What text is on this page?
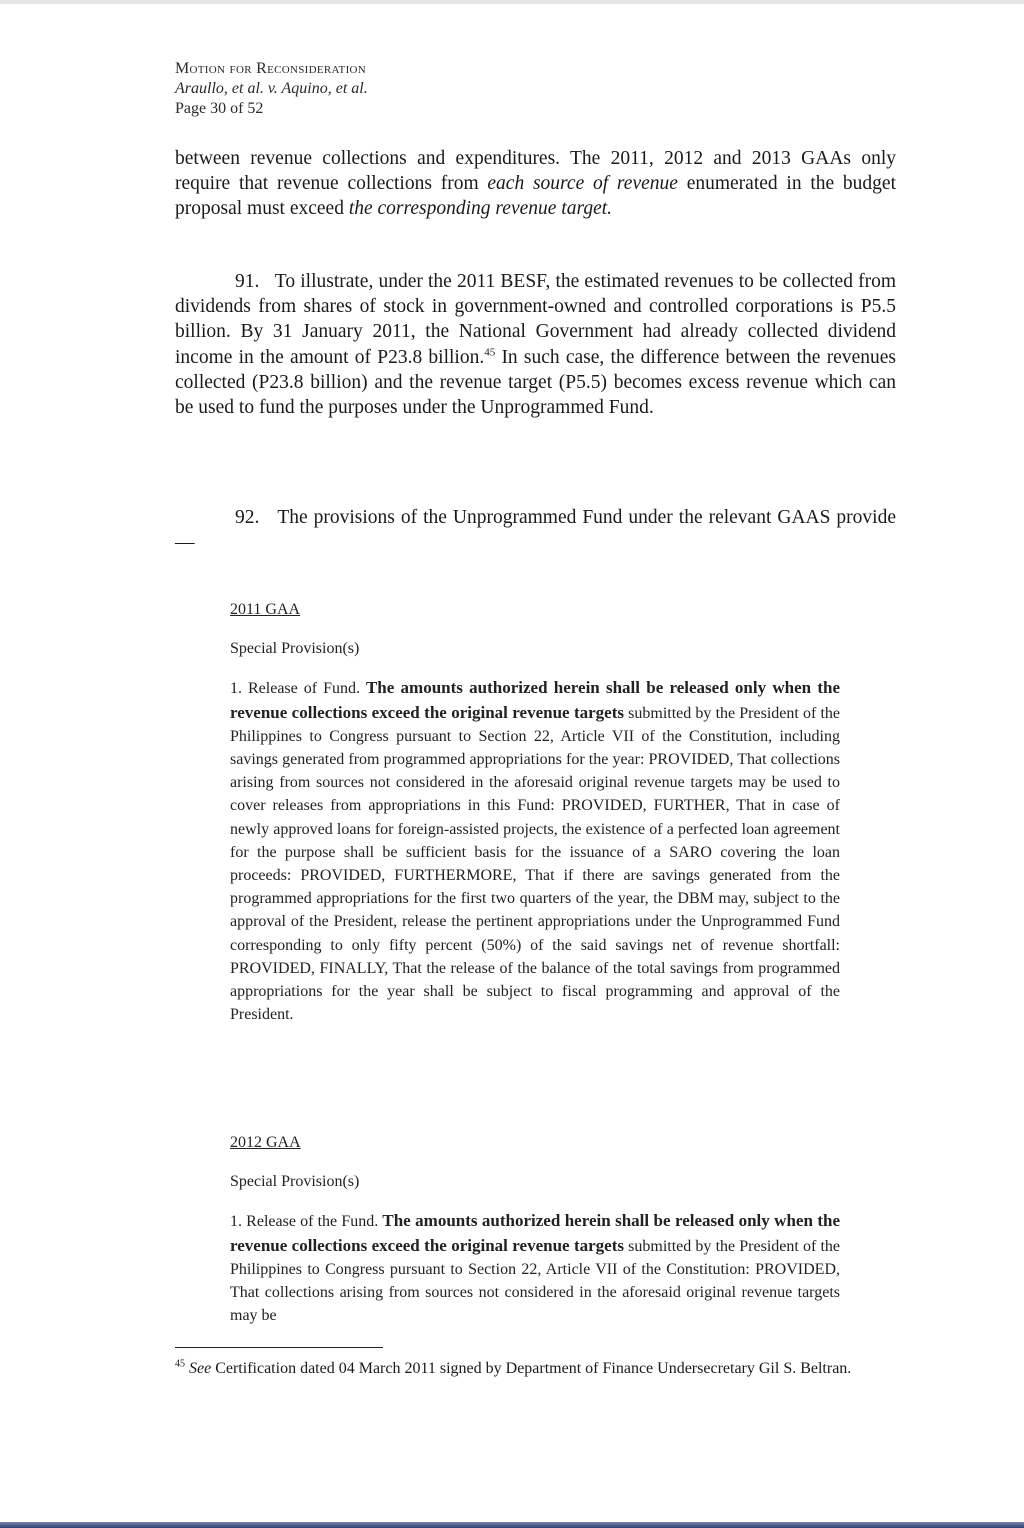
Motion for Reconsideration
Araullo, et al. v. Aquino, et al.
Page 30 of 52

between revenue collections and expenditures. The 2011, 2012 and 2013 GAAs only require that revenue collections from each source of revenue enumerated in the budget proposal must exceed the corresponding revenue target.

91.   To illustrate, under the 2011 BESF, the estimated revenues to be collected from dividends from shares of stock in government-owned and controlled corporations is P5.5 billion. By 31 January 2011, the National Government had already collected dividend income in the amount of P23.8 billion.$^{45}$ In such case, the difference between the revenues collected (P23.8 billion) and the revenue target (P5.5) becomes excess revenue which can be used to fund the purposes under the Unprogrammed Fund.

92.   The provisions of the Unprogrammed Fund under the relevant GAAS provide—

2011 GAA

Special Provision(s)

1. Release of Fund. The amounts authorized herein shall be released only when the revenue collections exceed the original revenue targets submitted by the President of the Philippines to Congress pursuant to Section 22, Article VII of the Constitution, including savings generated from programmed appropriations for the year: PROVIDED, That collections arising from sources not considered in the aforesaid original revenue targets may be used to cover releases from appropriations in this Fund: PROVIDED, FURTHER, That in case of newly approved loans for foreign-assisted projects, the existence of a perfected loan agreement for the purpose shall be sufficient basis for the issuance of a SARO covering the loan proceeds: PROVIDED, FURTHERMORE, That if there are savings generated from the programmed appropriations for the first two quarters of the year, the DBM may, subject to the approval of the President, release the pertinent appropriations under the Unprogrammed Fund corresponding to only fifty percent (50%) of the said savings net of revenue shortfall: PROVIDED, FINALLY, That the release of the balance of the total savings from programmed appropriations for the year shall be subject to fiscal programming and approval of the President.

2012 GAA

Special Provision(s)

1. Release of the Fund. The amounts authorized herein shall be released only when the revenue collections exceed the original revenue targets submitted by the President of the Philippines to Congress pursuant to Section 22, Article VII of the Constitution: PROVIDED, That collections arising from sources not considered in the aforesaid original revenue targets may be

$^{45}$ See Certification dated 04 March 2011 signed by Department of Finance Undersecretary Gil S. Beltran.
